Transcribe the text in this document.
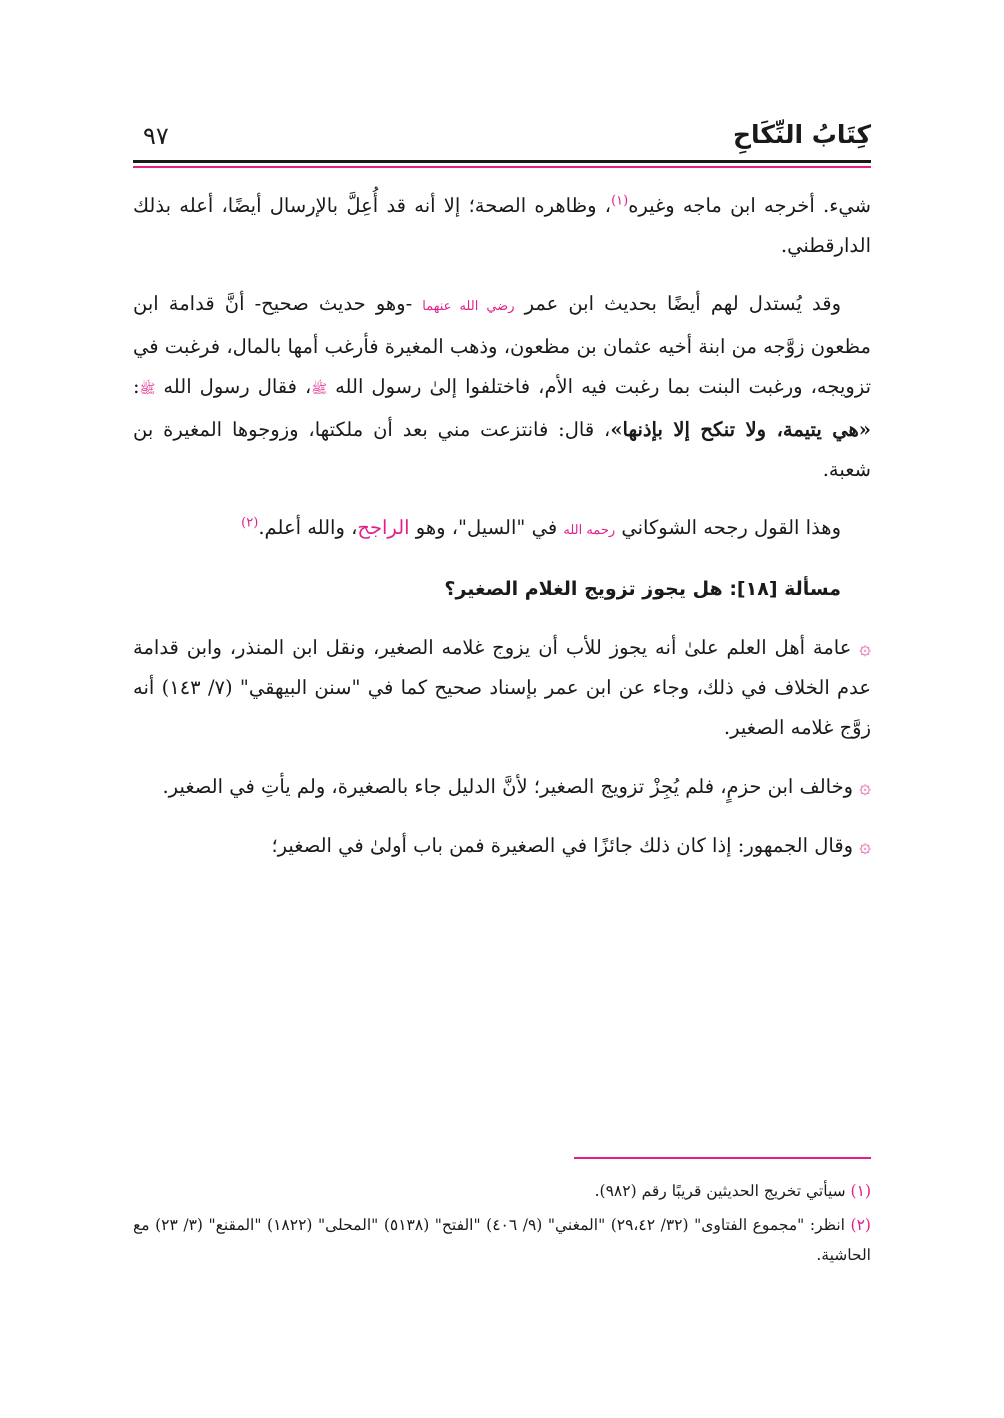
كِتَابُ النِّكَاحِ
٩٧

شيء. أخرجه ابن ماجه وغيره$^{(١)}$، وظاهره الصحة؛ إلا أنه قد أُعِلَّ بالإرسال أيضًا، أعله بذلك الدارقطني.

وقد يُستدل لهم أيضًا بحديث ابن عمر رضي الله عنهما -وهو حديث صحيح- أنَّ قدامة ابن مظعون زوَّجه من ابنة أخيه عثمان بن مظعون، وذهب المغيرة فأرغب أمها بالمال، فرغبت في تزويجه، ورغبت البنت بما رغبت فيه الأم، فاختلفوا إلىٰ رسول الله ﷺ، فقال رسول الله ﷺ: «هي يتيمة، ولا تنكح إلا بإذنها»، قال: فانتزعت مني بعد أن ملكتها، وزوجوها المغيرة بن شعبة.

وهذا القول رجحه الشوكاني رحمه الله في "السيل"، وهو الراجح، والله أعلم.$^{(٢)}$

مسألة [١٨]: هل يجوز تزويج الغلام الصغير؟

۞ عامة أهل العلم علىٰ أنه يجوز للأب أن يزوج غلامه الصغير، ونقل ابن المنذر، وابن قدامة عدم الخلاف في ذلك، وجاء عن ابن عمر بإسناد صحيح كما في "سنن البيهقي" (٧/ ١٤٣) أنه زوَّج غلامه الصغير.

۞ وخالف ابن حزمٍ، فلم يُجِزْ تزويج الصغير؛ لأنَّ الدليل جاء بالصغيرة، ولم يأتِ في الصغير.

۞ وقال الجمهور: إذا كان ذلك جائزًا في الصغيرة فمن باب أولىٰ في الصغير؛

(١) سيأتي تخريج الحديثين قريبًا رقم (٩٨٢).
(٢) انظر: "مجموع الفتاوى" (٣٢/ ٢٩،٤٢) "المغني" (٩/ ٤٠٦) "الفتح" (٥١٣٨) "المحلى" (١٨٢٢) "المقنع" (٣/ ٢٣) مع الحاشية.
